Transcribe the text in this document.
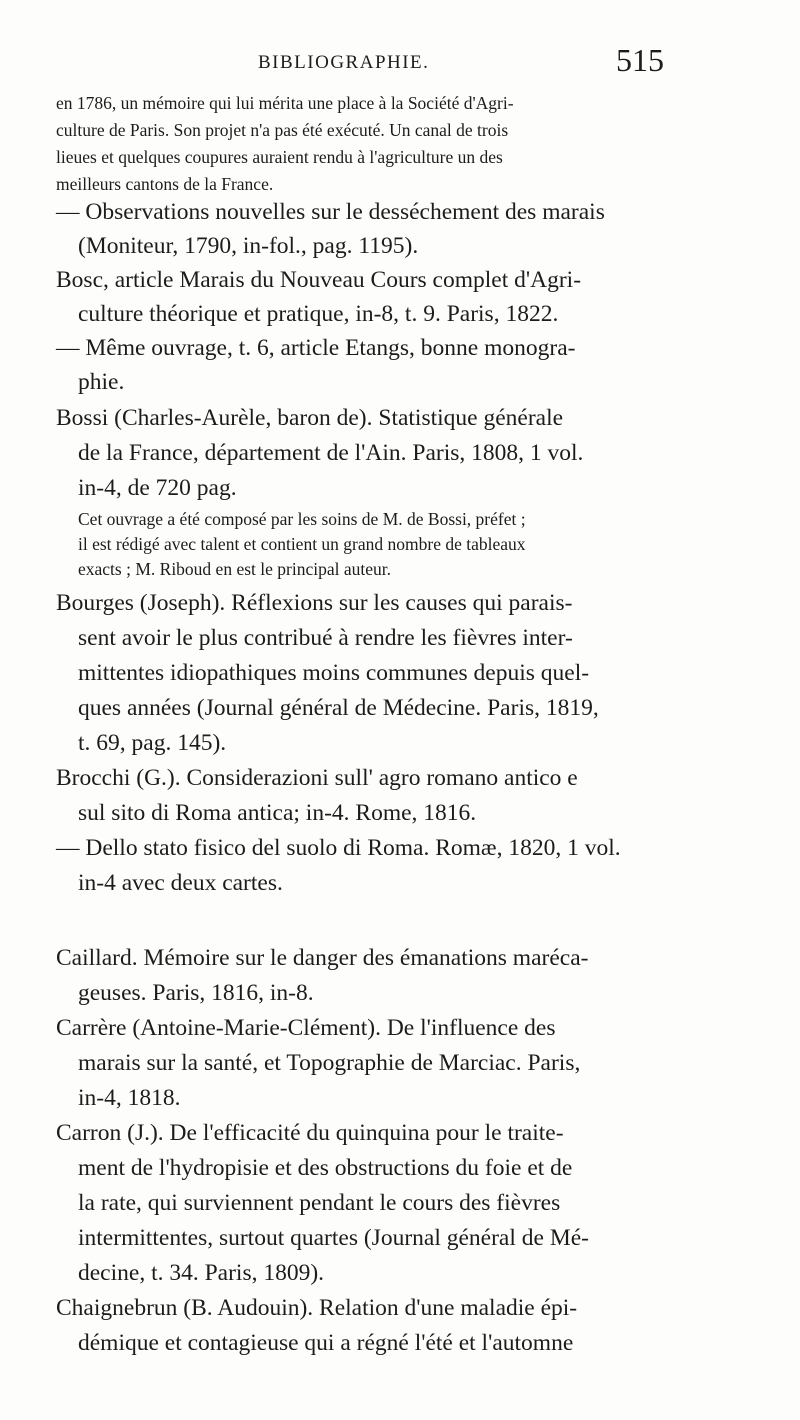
BIBLIOGRAPHIE.	515
en 1786, un mémoire qui lui mérita une place à la Société d'Agri-
culture de Paris. Son projet n'a pas été exécuté. Un canal de trois
lieues et quelques coupures auraient rendu à l'agriculture un des
meilleurs cantons de la France.
— Observations nouvelles sur le desséchement des marais
(Moniteur, 1790, in-fol., pag. 1195).
Bosc, article Marais du Nouveau Cours complet d'Agri-
culture théorique et pratique, in-8, t. 9. Paris, 1822.
— Même ouvrage, t. 6, article Etangs, bonne monogra-
phie.
Bossi (Charles-Aurèle, baron de). Statistique générale
de la France, département de l'Ain. Paris, 1808, 1 vol.
in-4, de 720 pag.
Cet ouvrage a été composé par les soins de M. de Bossi, préfet ;
il est rédigé avec talent et contient un grand nombre de tableaux
exacts ; M. Riboud en est le principal auteur.
Bourges (Joseph). Réflexions sur les causes qui parais-
sent avoir le plus contribué à rendre les fièvres inter-
mittentes idiopathiques moins communes depuis quel-
ques années (Journal général de Médecine. Paris, 1819,
t. 69, pag. 145).
Brocchi (G.). Considerazioni sull' agro romano antico e
sul sito di Roma antica; in-4. Rome, 1816.
— Dello stato fisico del suolo di Roma. Romæ, 1820, 1 vol.
in-4 avec deux cartes.
Caillard. Mémoire sur le danger des émanations maréca-
geuses. Paris, 1816, in-8.
Carrère (Antoine-Marie-Clément). De l'influence des
marais sur la santé, et Topographie de Marciac. Paris,
in-4, 1818.
Carron (J.). De l'efficacité du quinquina pour le traite-
ment de l'hydropisie et des obstructions du foie et de
la rate, qui surviennent pendant le cours des fièvres
intermittentes, surtout quartes (Journal général de Mé-
decine, t. 34. Paris, 1809).
Chaignebrun (B. Audouin). Relation d'une maladie épi-
démique et contagieuse qui a régné l'été et l'automne
